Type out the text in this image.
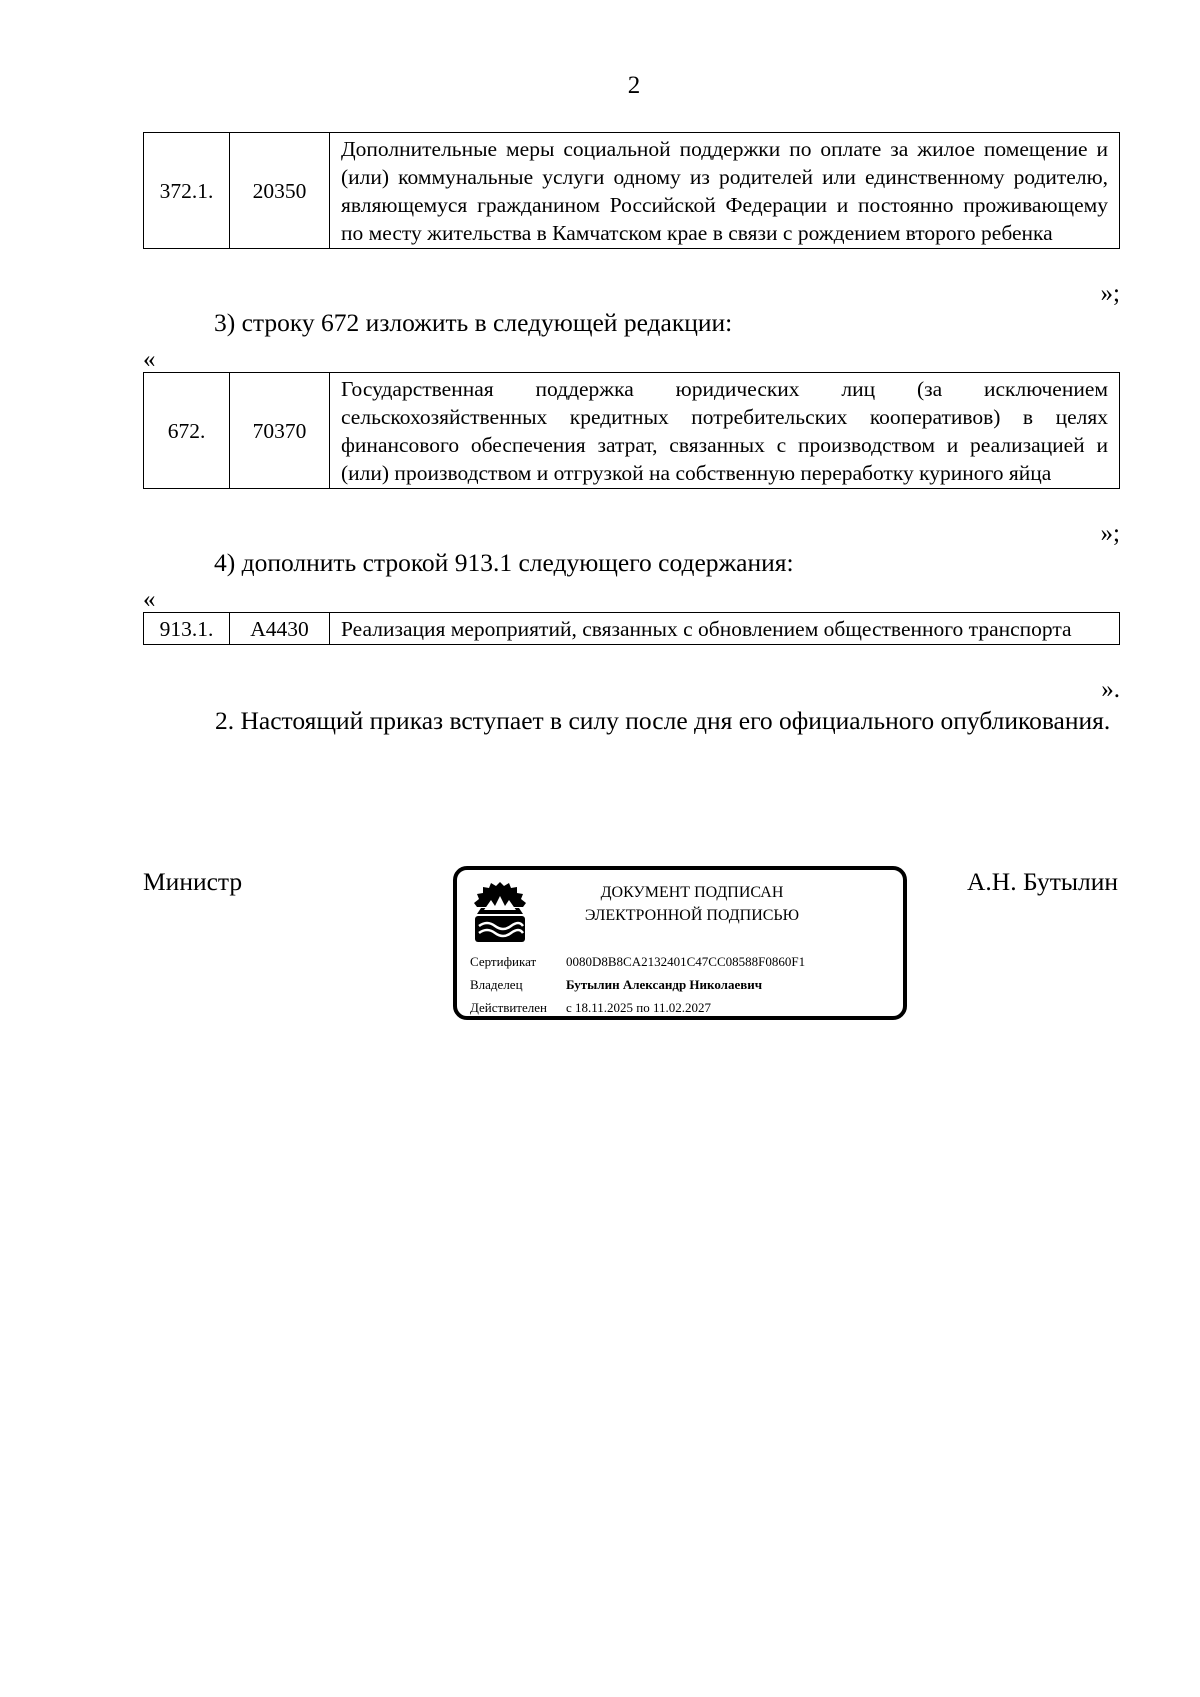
2
372.1.	20350	Дополнительные меры социальной поддержки по оплате за жилое помещение и (или) коммунальные услуги одному из родителей или единственному родителю, являющемуся гражданином Российской Федерации и постоянно проживающему по месту жительства в Камчатском крае в связи с рождением второго ребенка
»;
3) строку 672 изложить в следующей редакции:
«
672.	70370	Государственная поддержка юридических лиц (за исключением сельскохозяйственных кредитных потребительских кооперативов) в целях финансового обеспечения затрат, связанных с производством и реализацией и (или) производством и отгрузкой на собственную переработку куриного яйца
»;
4) дополнить строкой 913.1 следующего содержания:
«
913.1.	А4430	Реализация мероприятий, связанных с обновлением общественного транспорта
».

2. Настоящий приказ вступает в силу после дня его официального опубликования.

Министр	ДОКУМЕНТ ПОДПИСАН
ЭЛЕКТРОННОЙ ПОДПИСЬЮ
Сертификат 0080D8B8CA2132401C47CC08588F0860F1
Владелец	Бутылин Александр Николаевич
Действителен с 18.11.2025 по 11.02.2027
А.Н. Бутылин
